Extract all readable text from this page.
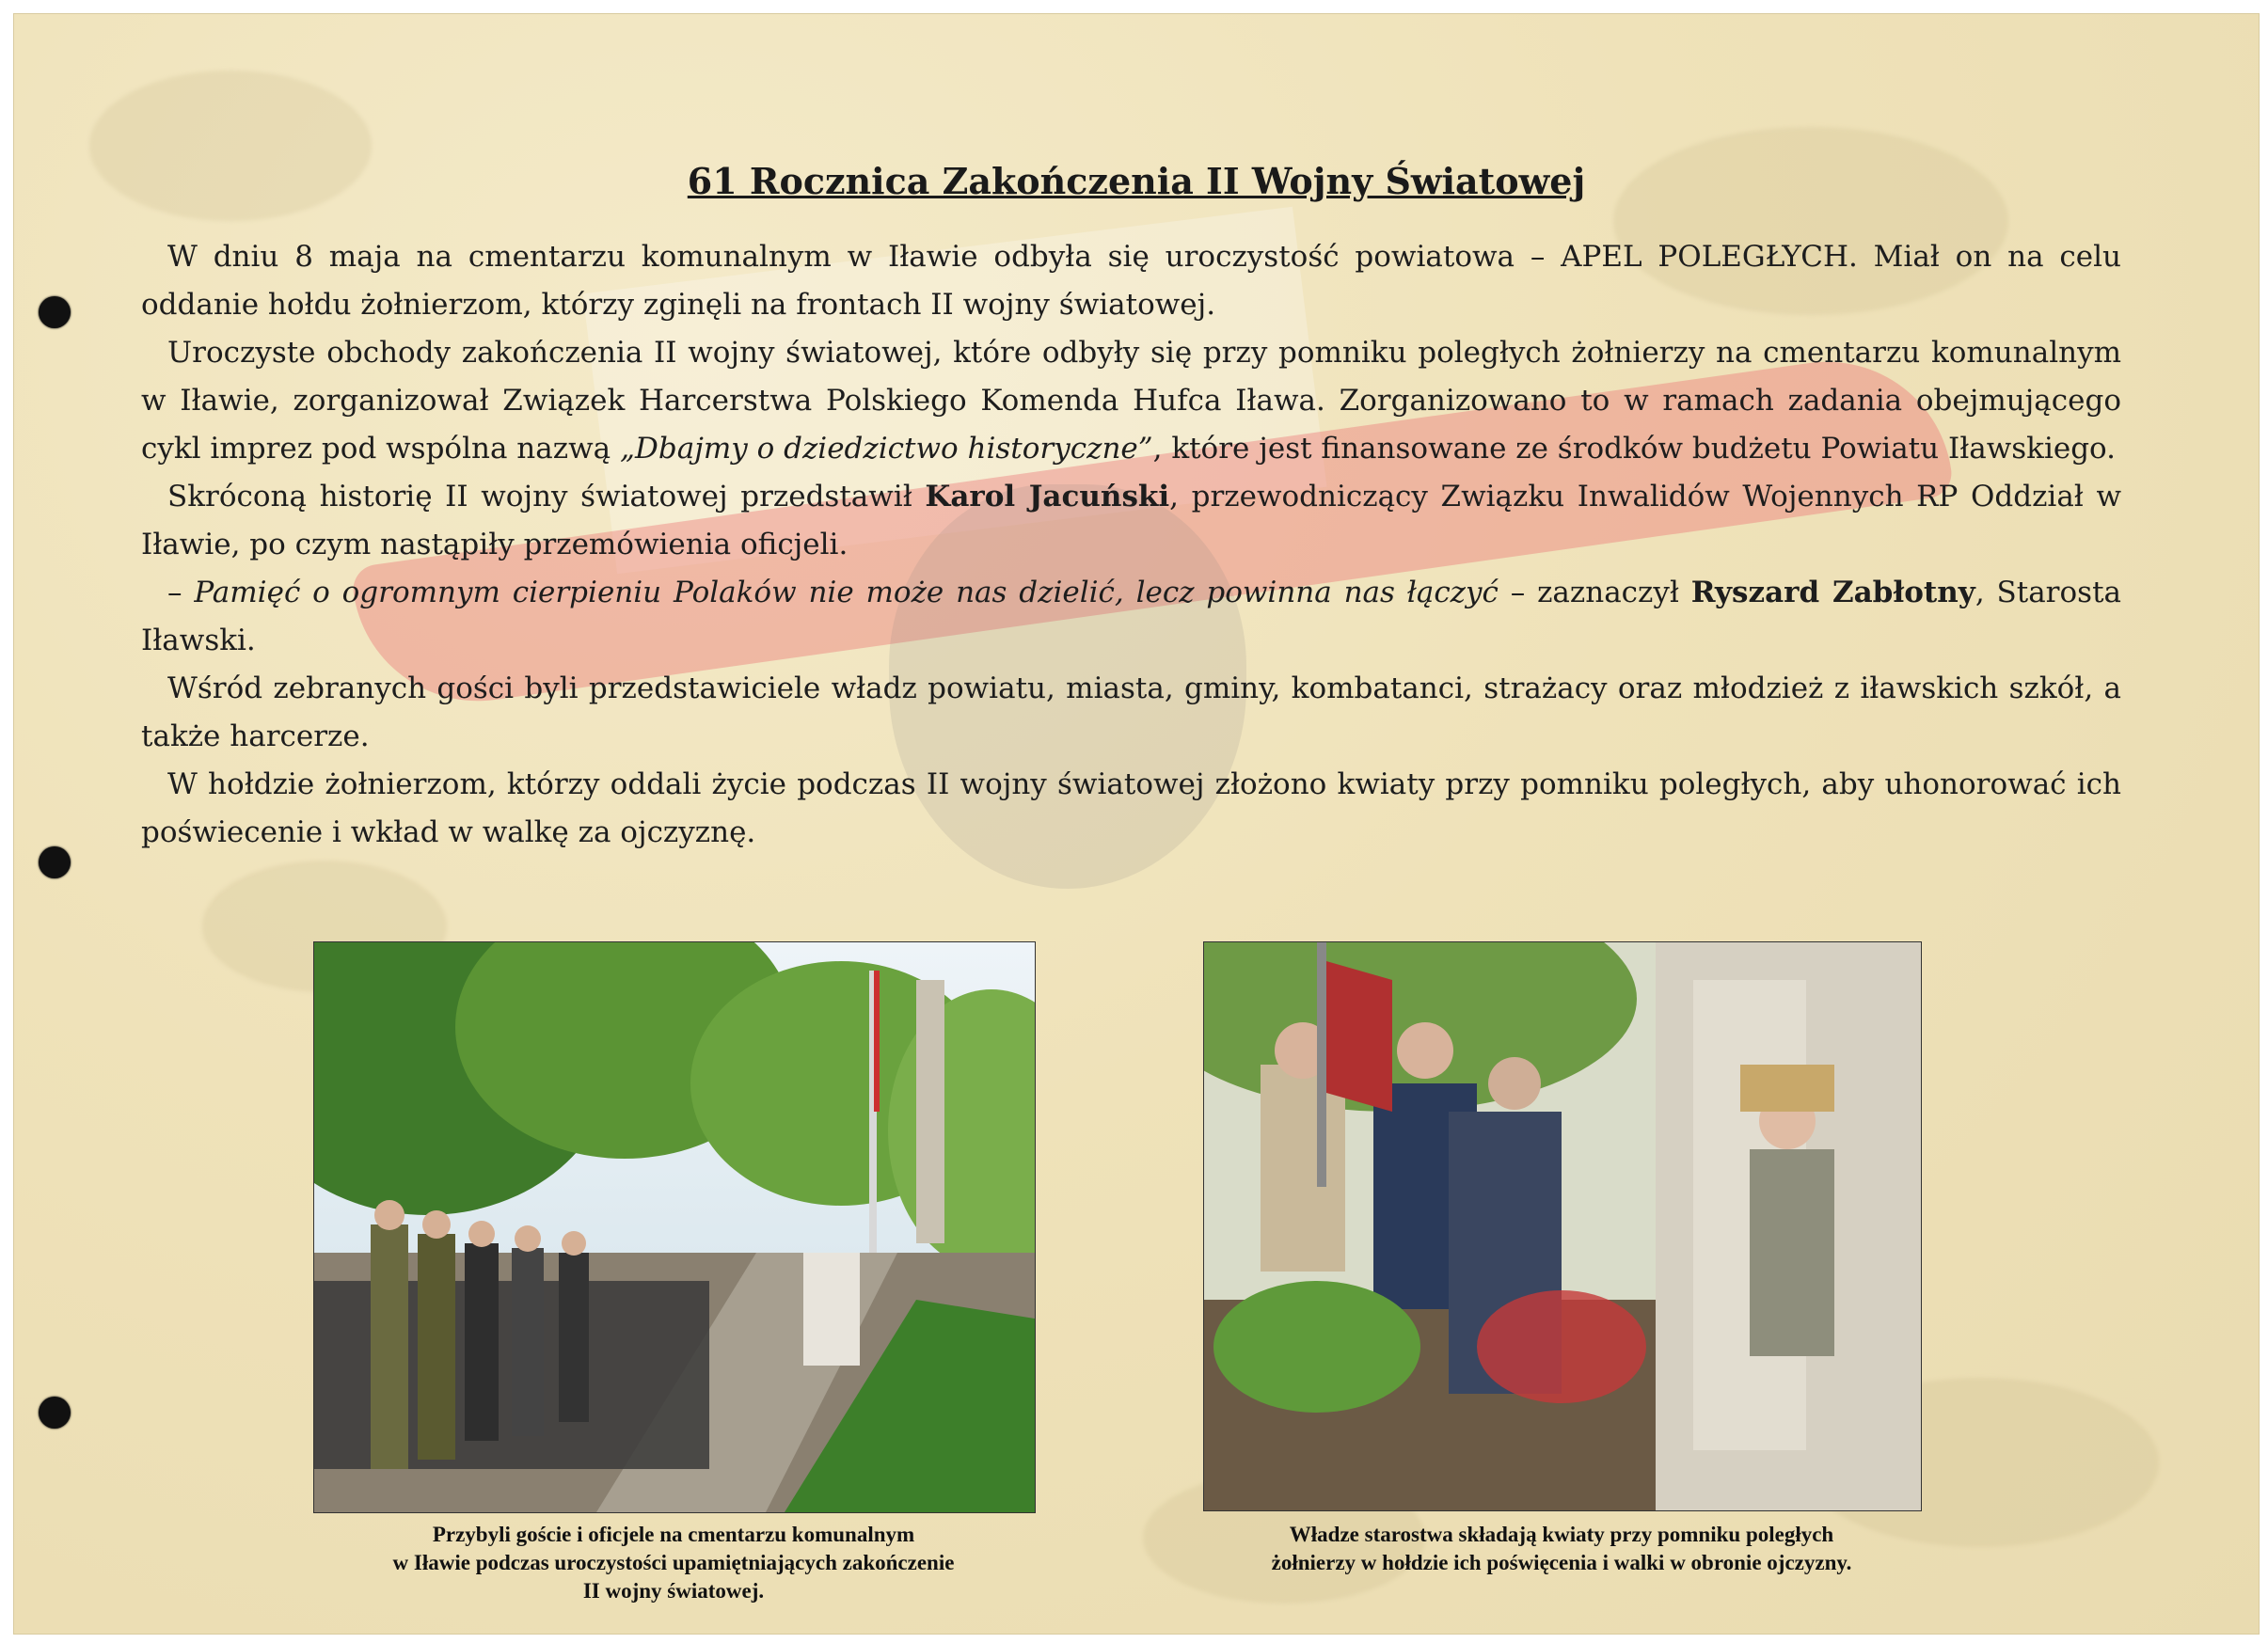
61 Rocznica Zakończenia II Wojny Światowej

W dniu 8 maja na cmentarzu komunalnym w Iławie odbyła się uroczystość powiatowa – APEL POLEGŁYCH. Miał on na celu oddanie hołdu żołnierzom, którzy zginęli na frontach II wojny światowej.

Uroczyste obchody zakończenia II wojny światowej, które odbyły się przy pomniku poległych żołnierzy na cmentarzu komunalnym w Iławie, zorganizował Związek Harcerstwa Polskiego Komenda Hufca Iława. Zorganizowano to w ramach zadania obejmującego cykl imprez pod wspólna nazwą „Dbajmy o dziedzictwo historyczne”, które jest finansowane ze środków budżetu Powiatu Iławskiego.

Skróconą historię II wojny światowej przedstawił Karol Jacuński, przewodniczący Związku Inwalidów Wojennych RP Oddział w Iławie, po czym nastąpiły przemówienia oficjeli.

– Pamięć o ogromnym cierpieniu Polaków nie może nas dzielić, lecz powinna nas łączyć – zaznaczył Ryszard Zabłotny, Starosta Iławski.

Wśród zebranych gości byli przedstawiciele władz powiatu, miasta, gminy, kombatanci, strażacy oraz młodzież z iławskich szkół, a także harcerze.

W hołdzie żołnierzom, którzy oddali życie podczas II wojny światowej złożono kwiaty przy pomniku poległych, aby uhonorować ich poświecenie i wkład w walkę za ojczyznę.

Przybyli goście i oficjele na cmentarzu komunalnym
w Iławie podczas uroczystości upamiętniających zakończenie
II wojny światowej.
Władze starostwa składają kwiaty przy pomniku poległych
żołnierzy w hołdzie ich poświęcenia i walki w obronie ojczyzny.
